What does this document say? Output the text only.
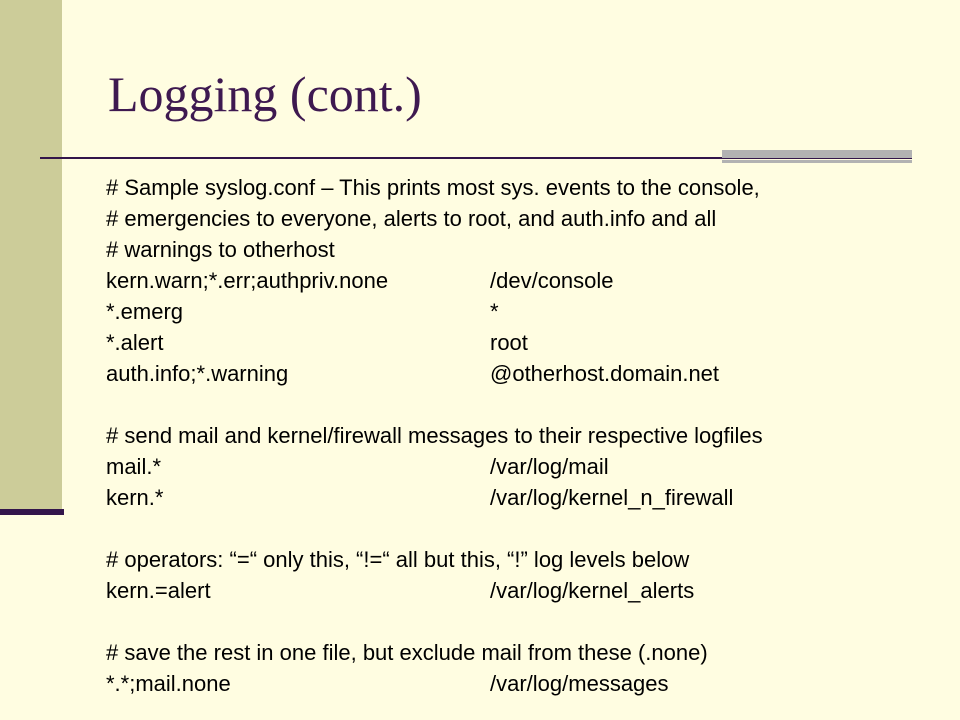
Logging (cont.)
# Sample syslog.conf – This prints most sys. events to the console,
# emergencies to everyone, alerts to root, and auth.info and all
# warnings to otherhost
kern.warn;*.err;authpriv.none	/dev/console
*.emerg	*
*.alert	root
auth.info;*.warning	@otherhost.domain.net
# send mail and kernel/firewall messages to their respective logfiles
mail.*	/var/log/mail
kern.*	/var/log/kernel_n_firewall
# operators: “=“ only this, “!=“ all but this, “!” log levels below
kern.=alert	/var/log/kernel_alerts
# save the rest in one file, but exclude mail from these (.none)
*.*;mail.none	/var/log/messages
